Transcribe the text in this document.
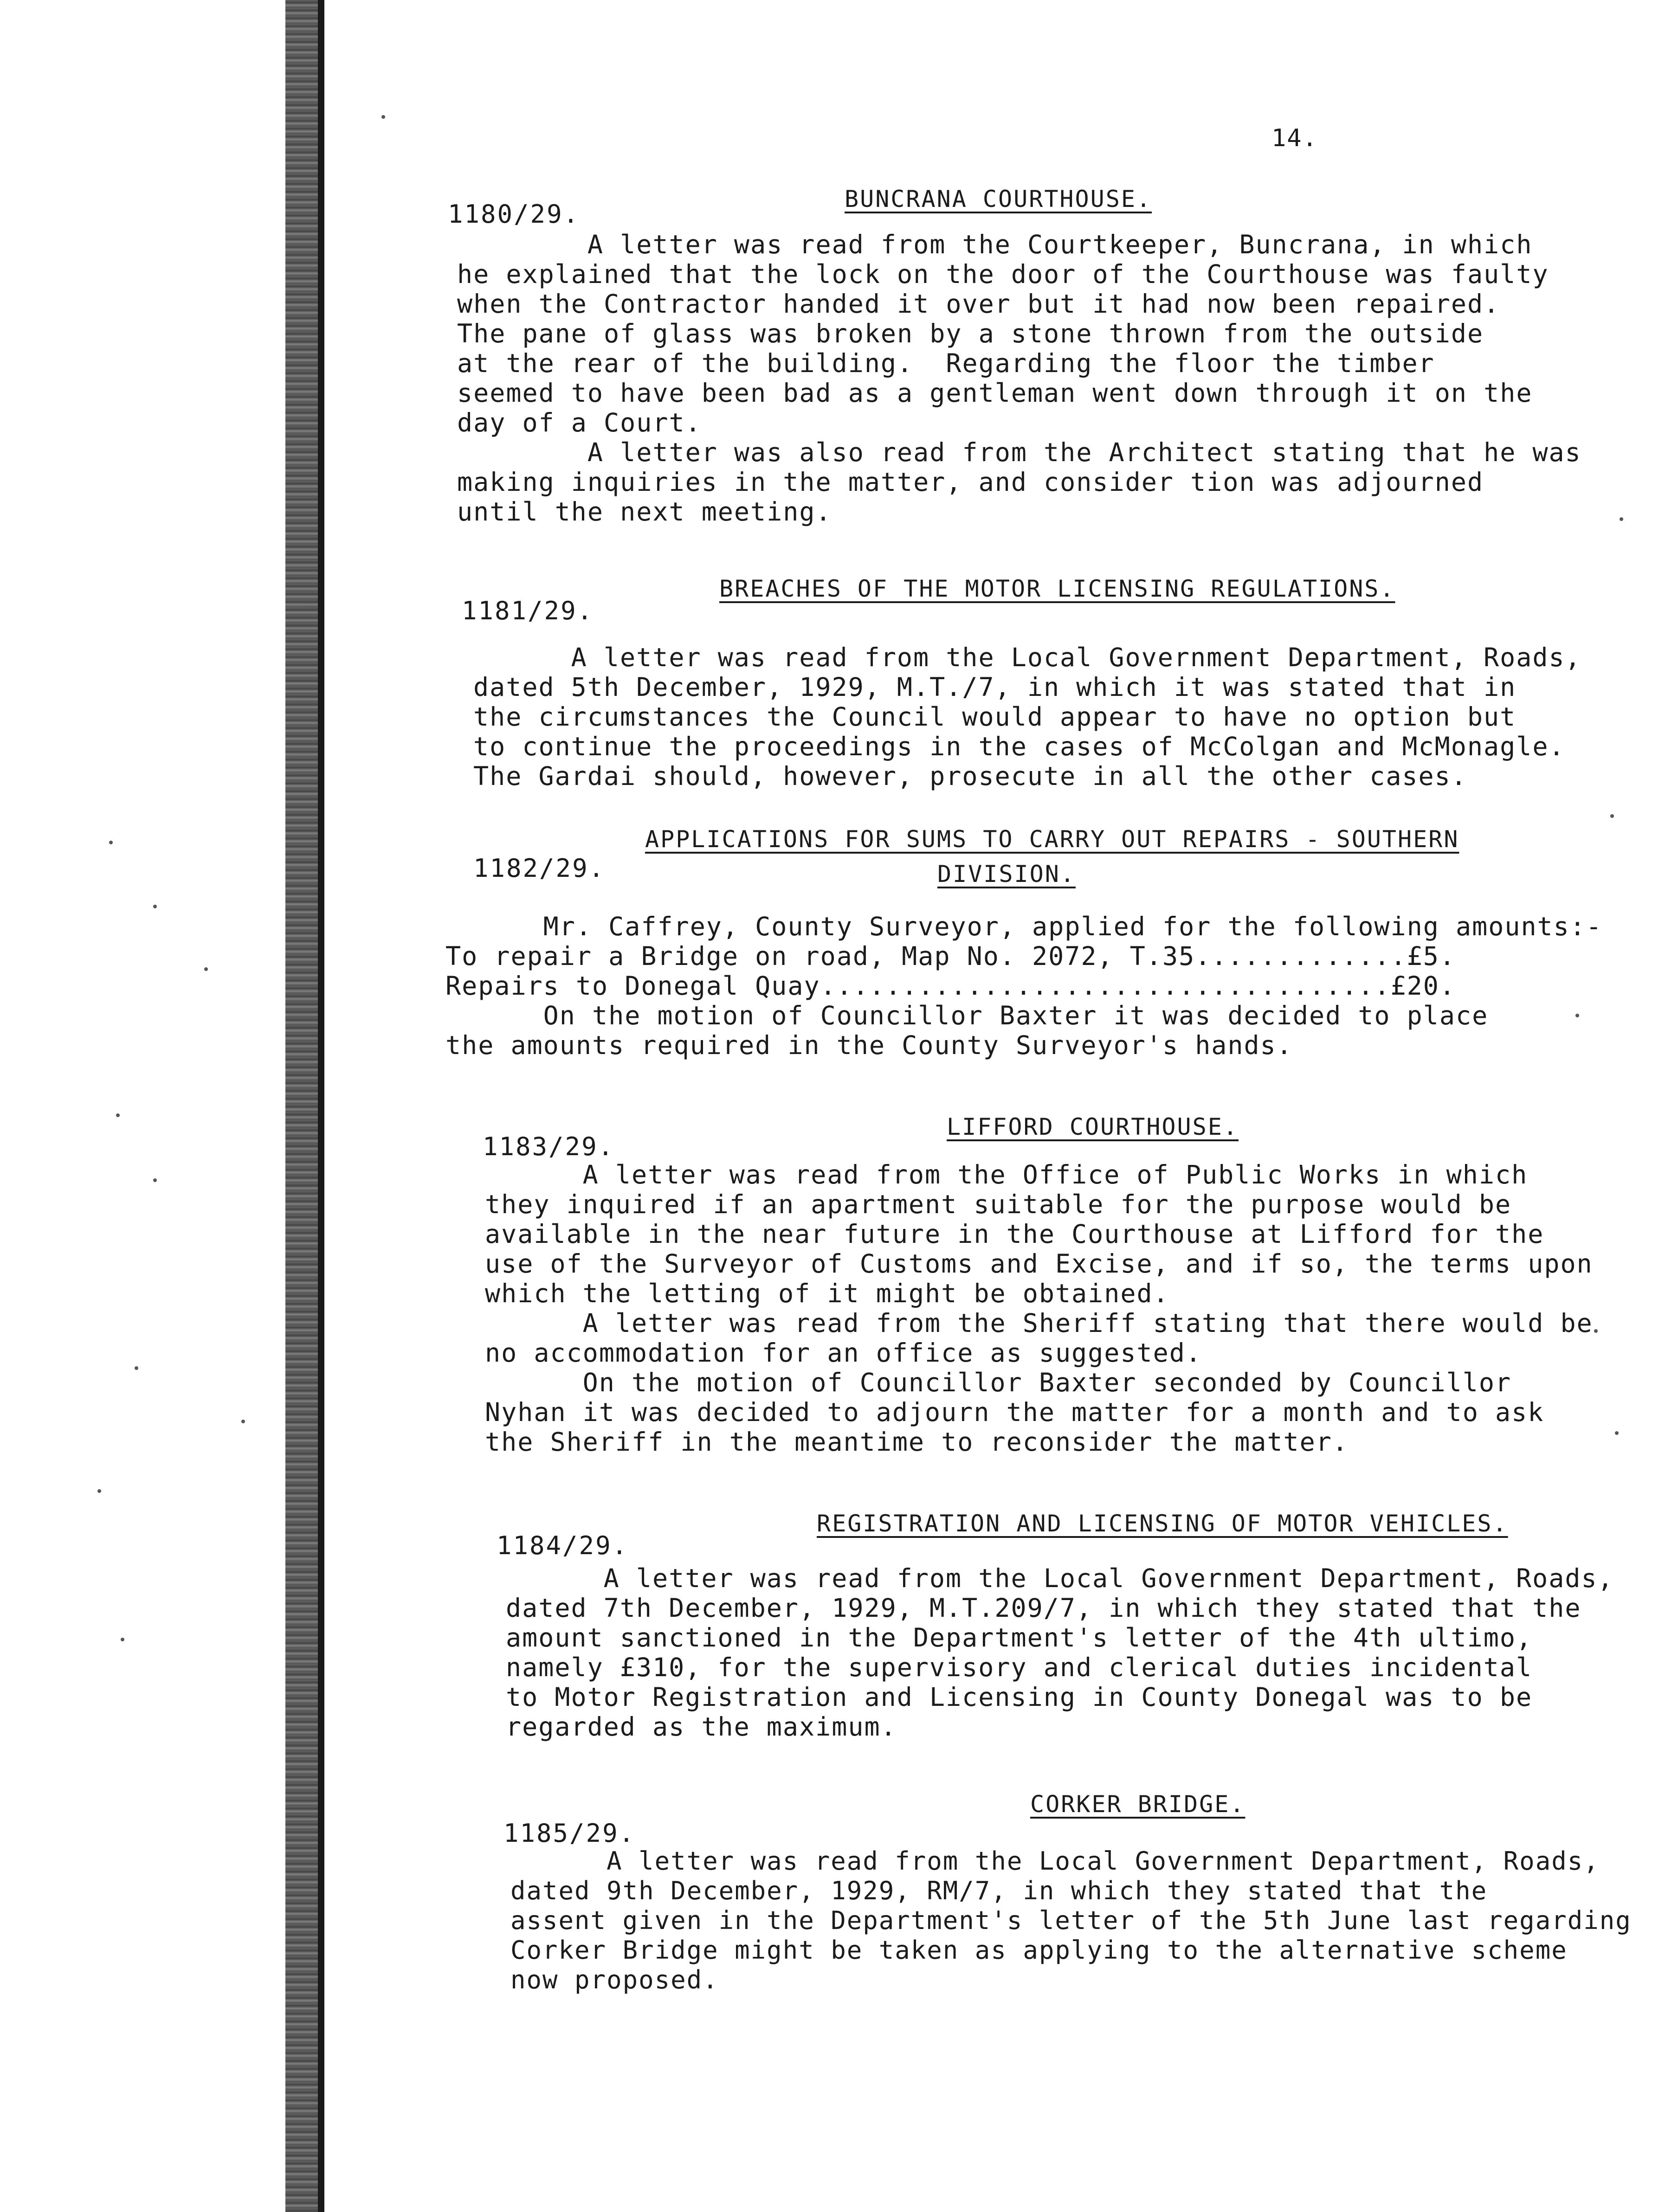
14.
1180/29.
BUNCRANA COURTHOUSE.
A letter was read from the Courtkeeper, Buncrana, in which
he explained that the lock on the door of the Courthouse was faulty
when the Contractor handed it over but it had now been repaired.
The pane of glass was broken by a stone thrown from the outside
at the rear of the building.  Regarding the floor the timber
seemed to have been bad as a gentleman went down through it on the
day of a Court.
A letter was also read from the Architect stating that he was
making inquiries in the matter, and consider tion was adjourned
until the next meeting.
1181/29.
BREACHES OF THE MOTOR LICENSING REGULATIONS.
A letter was read from the Local Government Department, Roads,
dated 5th December, 1929, M.T./7, in which it was stated that in
the circumstances the Council would appear to have no option but
to continue the proceedings in the cases of McColgan and McMonagle.
The Gardai should, however, prosecute in all the other cases.
1182/29.
APPLICATIONS FOR SUMS TO CARRY OUT REPAIRS - SOUTHERN
DIVISION.
Mr. Caffrey, County Surveyor, applied for the following amounts:-
To repair a Bridge on road, Map No. 2072, T.35.............£5.
Repairs to Donegal Quay...................................£20.
On the motion of Councillor Baxter it was decided to place
the amounts required in the County Surveyor's hands.
1183/29.
LIFFORD COURTHOUSE.
A letter was read from the Office of Public Works in which
they inquired if an apartment suitable for the purpose would be
available in the near future in the Courthouse at Lifford for the
use of the Surveyor of Customs and Excise, and if so, the terms upon
which the letting of it might be obtained.
A letter was read from the Sheriff stating that there would be
no accommodation for an office as suggested.
On the motion of Councillor Baxter seconded by Councillor
Nyhan it was decided to adjourn the matter for a month and to ask
the Sheriff in the meantime to reconsider the matter.
1184/29.
REGISTRATION AND LICENSING OF MOTOR VEHICLES.
A letter was read from the Local Government Department, Roads,
dated 7th December, 1929, M.T.209/7, in which they stated that the
amount sanctioned in the Department's letter of the 4th ultimo,
namely £310, for the supervisory and clerical duties incidental
to Motor Registration and Licensing in County Donegal was to be
regarded as the maximum.
1185/29.
CORKER BRIDGE.
A letter was read from the Local Government Department, Roads,
dated 9th December, 1929, RM/7, in which they stated that the
assent given in the Department's letter of the 5th June last regarding
Corker Bridge might be taken as applying to the alternative scheme
now proposed.
